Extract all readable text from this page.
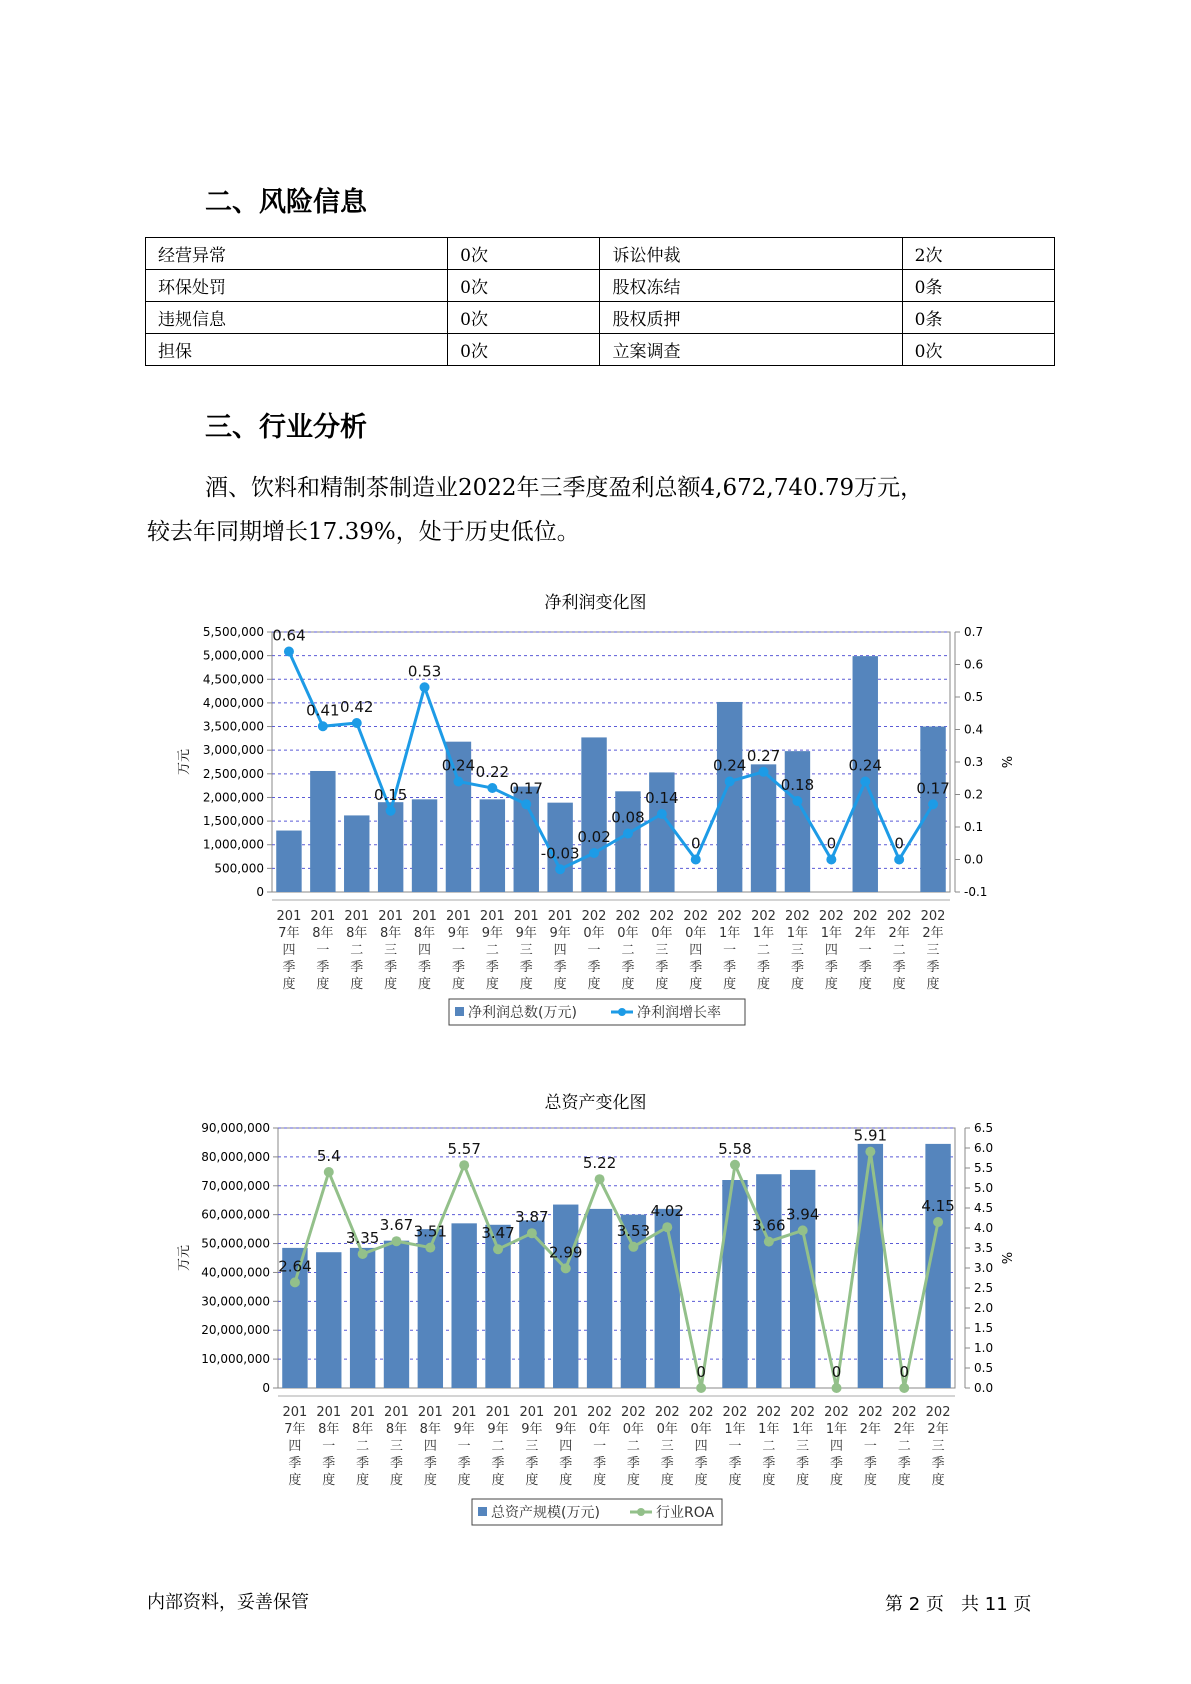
二、风险信息
经营异常	0次	诉讼仲裁	2次
环保处罚	0次	股权冻结	0条
违规信息	0次	股权质押	0条
担保	0次	立案调查	0次
三、行业分析
酒、饮料和精制茶制造业2022年三季度盈利总额4,672,740.79万元，
较去年同期增长17.39%，处于历史低位。
净利润变化图
0
500,000
1,000,000
1,500,000
2,000,000
2,500,000
3,000,000
3,500,000
4,000,000
4,500,000
5,000,000
5,500,000
-0.1
0.0
0.1
0.2
0.3
0.4
0.5
0.6
0.7
万元	%
0.64
0.41 0.42
0.15
0.53
0.24 0.22
0.17
-0.03
0.02
0.08
0.14
0
0.24
0.27
0.18
0
0.24
0
0.17
201
7年
四
季
度
201
8年
一
季
度
201
8年
二
季
度
201
8年
三
季
度
201
8年
四
季
度
201
9年
一
季
度
201
9年
二
季
度
201
9年
三
季
度
201
9年
四
季
度
202
0年
一
季
度
202
0年
二
季
度
202
0年
三
季
度
202
0年
四
季
度
202
1年
一
季
度
202
1年
二
季
度
202
1年
三
季
度
202
1年
四
季
度
202
2年
一
季
度
202
2年
二
季
度
202
2年
三
季
度
净利润总数(万元)	净利润增长率
总资产变化图
0
10,000,000
20,000,000
30,000,000
40,000,000
50,000,000
60,000,000
70,000,000
80,000,000
90,000,000
0.0
0.5
1.0
1.5
2.0
2.5
3.0
3.5
4.0
4.5
5.0
5.5
6.0
6.5
万元	%
2.64
5.4
3.35
3.67 3.51
5.57
3.47
3.87
2.99
5.22
3.53
4.02
0
5.58
3.66
3.94
0
5.91
0
4.15
201
7年
四
季
度
201
8年
一
季
度
201
8年
二
季
度
201
8年
三
季
度
201
8年
四
季
度
201
9年
一
季
度
201
9年
二
季
度
201
9年
三
季
度
201
9年
四
季
度
202
0年
一
季
度
202
0年
二
季
度
202
0年
三
季
度
202
0年
四
季
度
202
1年
一
季
度
202
1年
二
季
度
202
1年
三
季
度
202
1年
四
季
度
202
2年
一
季
度
202
2年
二
季
度
202
2年
三
季
度
总资产规模(万元)	行业ROA
内部资料，妥善保管	第 2 页   共 11 页
